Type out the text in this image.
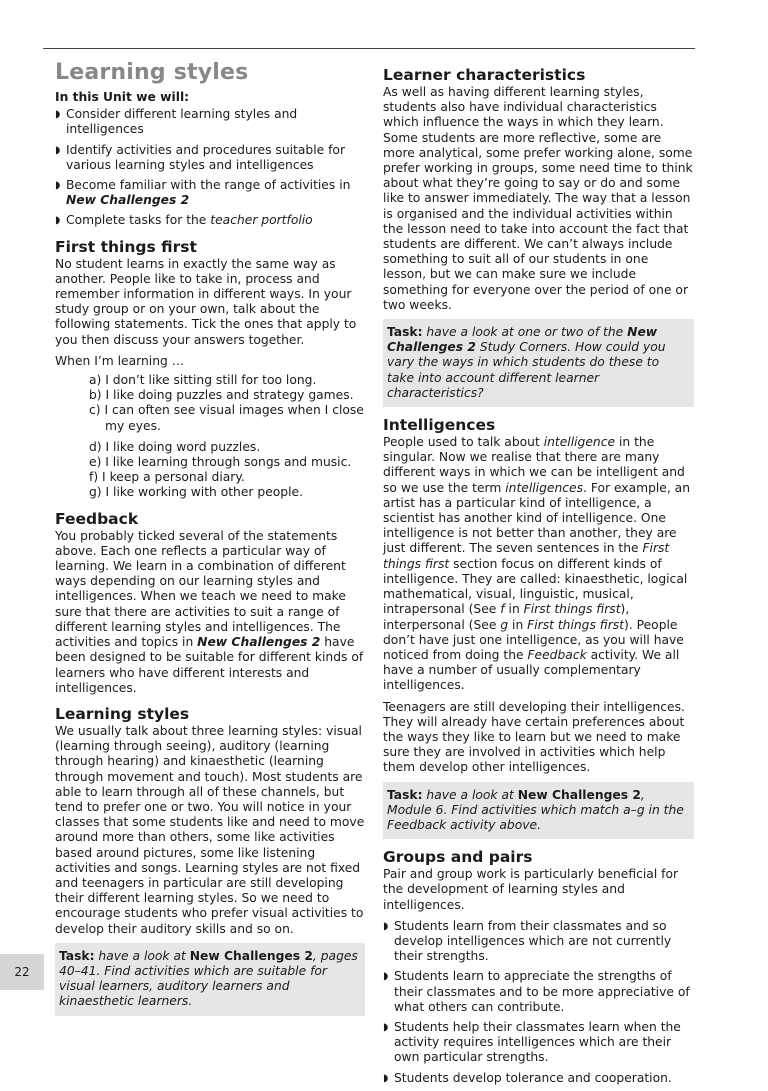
Learning styles
In this Unit we will:
◗ Consider different learning styles and intelligences
◗ Identify activities and procedures suitable for various learning styles and intelligences
◗ Become familiar with the range of activities in New Challenges 2
◗ Complete tasks for the teacher portfolio
First things first

No student learns in exactly the same way as another. People like to take in, process and remember information in different ways. In your study group or on your own, talk about the following statements. Tick the ones that apply to you then discuss your answers together.

When I’m learning …
a) I don’t like sitting still for too long.
b) I like doing puzzles and strategy games.
c) I can often see visual images when I close my eyes.
d) I like doing word puzzles.
e) I like learning through songs and music.
f) I keep a personal diary.
g) I like working with other people.
Feedback

You probably ticked several of the statements above. Each one reflects a particular way of learning. We learn in a combination of different ways depending on our learning styles and intelligences. When we teach we need to make sure that there are activities to suit a range of different learning styles and intelligences. The activities and topics in New Challenges 2 have been designed to be suitable for different kinds of learners who have different interests and intelligences.

Learning styles

We usually talk about three learning styles: visual (learning through seeing), auditory (learning through hearing) and kinaesthetic (learning through movement and touch). Most students are able to learn through all of these channels, but tend to prefer one or two. You will notice in your classes that some students like and need to move around more than others, some like activities based around pictures, some like listening activities and songs. Learning styles are not fixed and teenagers in particular are still developing their different learning styles. So we need to encourage students who prefer visual activities to develop their auditory skills and so on.

Task: have a look at New Challenges 2, pages 40–41. Find activities which are suitable for visual learners, auditory learners and kinaesthetic learners.
Learner characteristics

As well as having different learning styles, students also have individual characteristics which influence the ways in which they learn. Some students are more reflective, some are more analytical, some prefer working alone, some prefer working in groups, some need time to think about what they’re going to say or do and some like to answer immediately. The way that a lesson is organised and the individual activities within the lesson need to take into account the fact that students are different. We can’t always include something to suit all of our students in one lesson, but we can make sure we include something for everyone over the period of one or two weeks.

Task: have a look at one or two of the New Challenges 2 Study Corners. How could you vary the ways in which students do these to take into account different learner characteristics?
Intelligences

People used to talk about intelligence in the singular. Now we realise that there are many different ways in which we can be intelligent and so we use the term intelligences. For example, an artist has a particular kind of intelligence, a scientist has another kind of intelligence. One intelligence is not better than another, they are just different. The seven sentences in the First things first section focus on different kinds of intelligence. They are called: kinaesthetic, logical mathematical, visual, linguistic, musical, intrapersonal (See f in First things first), interpersonal (See g in First things first). People don’t have just one intelligence, as you will have noticed from doing the Feedback activity. We all have a number of usually complementary intelligences.

Teenagers are still developing their intelligences. They will already have certain preferences about the ways they like to learn but we need to make sure they are involved in activities which help them develop other intelligences.

Task: have a look at New Challenges 2, Module 6. Find activities which match a–g in the Feedback activity above.
Groups and pairs

Pair and group work is particularly beneficial for the development of learning styles and intelligences.

◗ Students learn from their classmates and so develop intelligences which are not currently their strengths.
◗ Students learn to appreciate the strengths of their classmates and to be more appreciative of what others can contribute.
◗ Students help their classmates learn when the activity requires intelligences which are their own particular strengths.
◗ Students develop tolerance and cooperation.
22
